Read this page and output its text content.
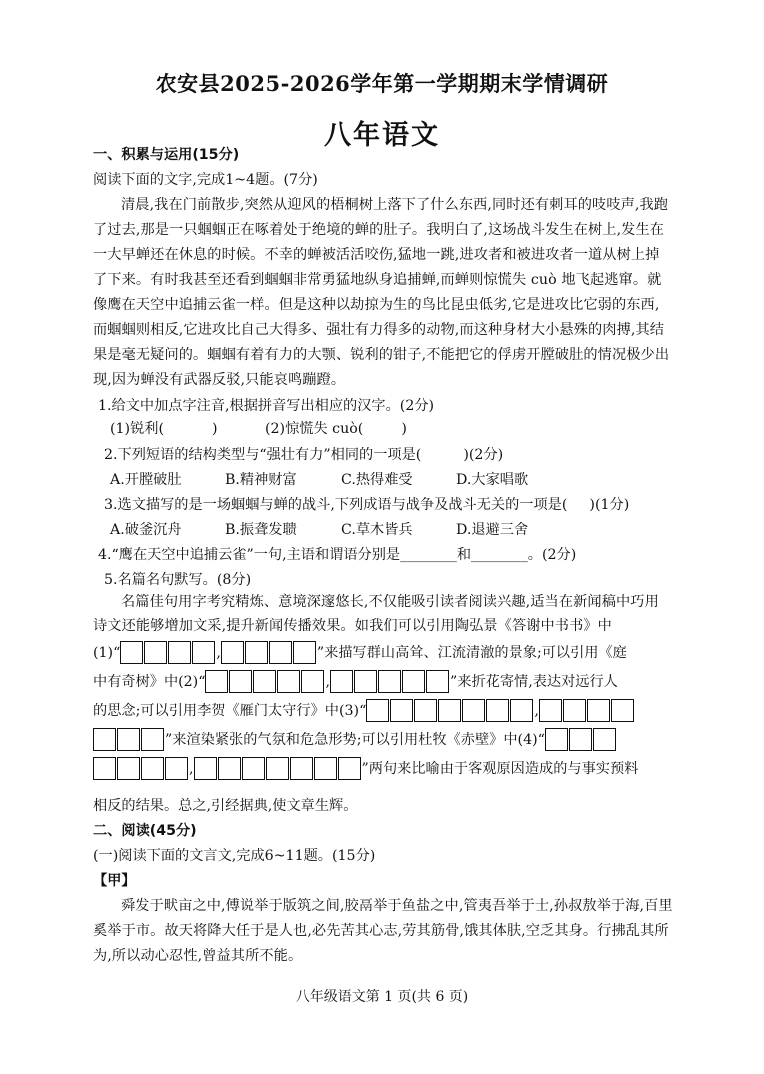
农安县2025-2026学年第一学期期末学情调研
八年语文
一、积累与运用(15分)
阅读下面的文字,完成1~4题。(7分)
清晨,我在门前散步,突然从迎风的梧桐树上落下了什么东西,同时还有刺耳的吱吱声,我跑了过去,那是一只蝈蝈正在啄着处于绝境的蝉的肚子。我明白了,这场战斗发生在树上,发生在一大早蝉还在休息的时候。不幸的蝉被活活咬伤,猛地一跳,进攻者和被进攻者一道从树上掉了下来。有时我甚至还看到蝈蝈非常勇猛地纵身追捕蝉,而蝉则惊慌失 cuò 地飞起逃窜。就像鹰在天空中追捕云雀一样。但是这种以劫掠为生的鸟比昆虫低劣,它是进攻比它弱的东西,而蝈蝈则相反,它进攻比自己大得多、强壮有力得多的动物,而这种身材大小悬殊的肉搏,其结果是毫无疑问的。蝈蝈有着有力的大颚、锐利的钳子,不能把它的俘虏开膛破肚的情况极少出现,因为蝉没有武器反驳,只能哀鸣蹦蹬。
1.给文中加点字注音,根据拼音写出相应的汉字。(2分)
(1)锐利(	)	(2)惊慌失 cuò(	)
2.下列短语的结构类型与“强壮有力”相同的一项是(	)(2分)
A.开膛破肚	B.精神财富	C.热得难受	D.大家唱歌
3.选文描写的是一场蝈蝈与蝉的战斗,下列成语与战争及战斗无关的一项是( )(1分)
A.破釜沉舟	B.振聋发聩	C.草木皆兵	D.退避三舍
4.“鹰在天空中追捕云雀”一句,主语和谓语分别是________和________。(2分)
5.名篇名句默写。(8分)
名篇佳句用字考究精炼、意境深邃悠长,不仅能吸引读者阅读兴趣,适当在新闻稿中巧用诗文还能够增加文采,提升新闻传播效果。如我们可以引用陶弘景《答谢中书书》中
(1)“	,	”来描写群山高耸、江流清澈的景象;可以引用《庭
中有奇树》中(2)“	,	”来折花寄情,表达对远行人
的思念;可以引用李贺《雁门太守行》中(3)“	,
”来渲染紧张的气氛和危急形势;可以引用杜牧《赤壁》中(4)“
,	”两句来比喻由于客观原因造成的与事实预料
相反的结果。总之,引经据典,使文章生辉。
二、阅读(45分)
(一)阅读下面的文言文,完成6~11题。(15分)
【甲】
舜发于畎亩之中,傅说举于版筑之间,胶鬲举于鱼盐之中,管夷吾举于士,孙叔敖举于海,百里奚举于市。故天将降大任于是人也,必先苦其心志,劳其筋骨,饿其体肤,空乏其身。行拂乱其所为,所以动心忍性,曾益其所不能。
八年级语文第 1 页(共 6 页)
